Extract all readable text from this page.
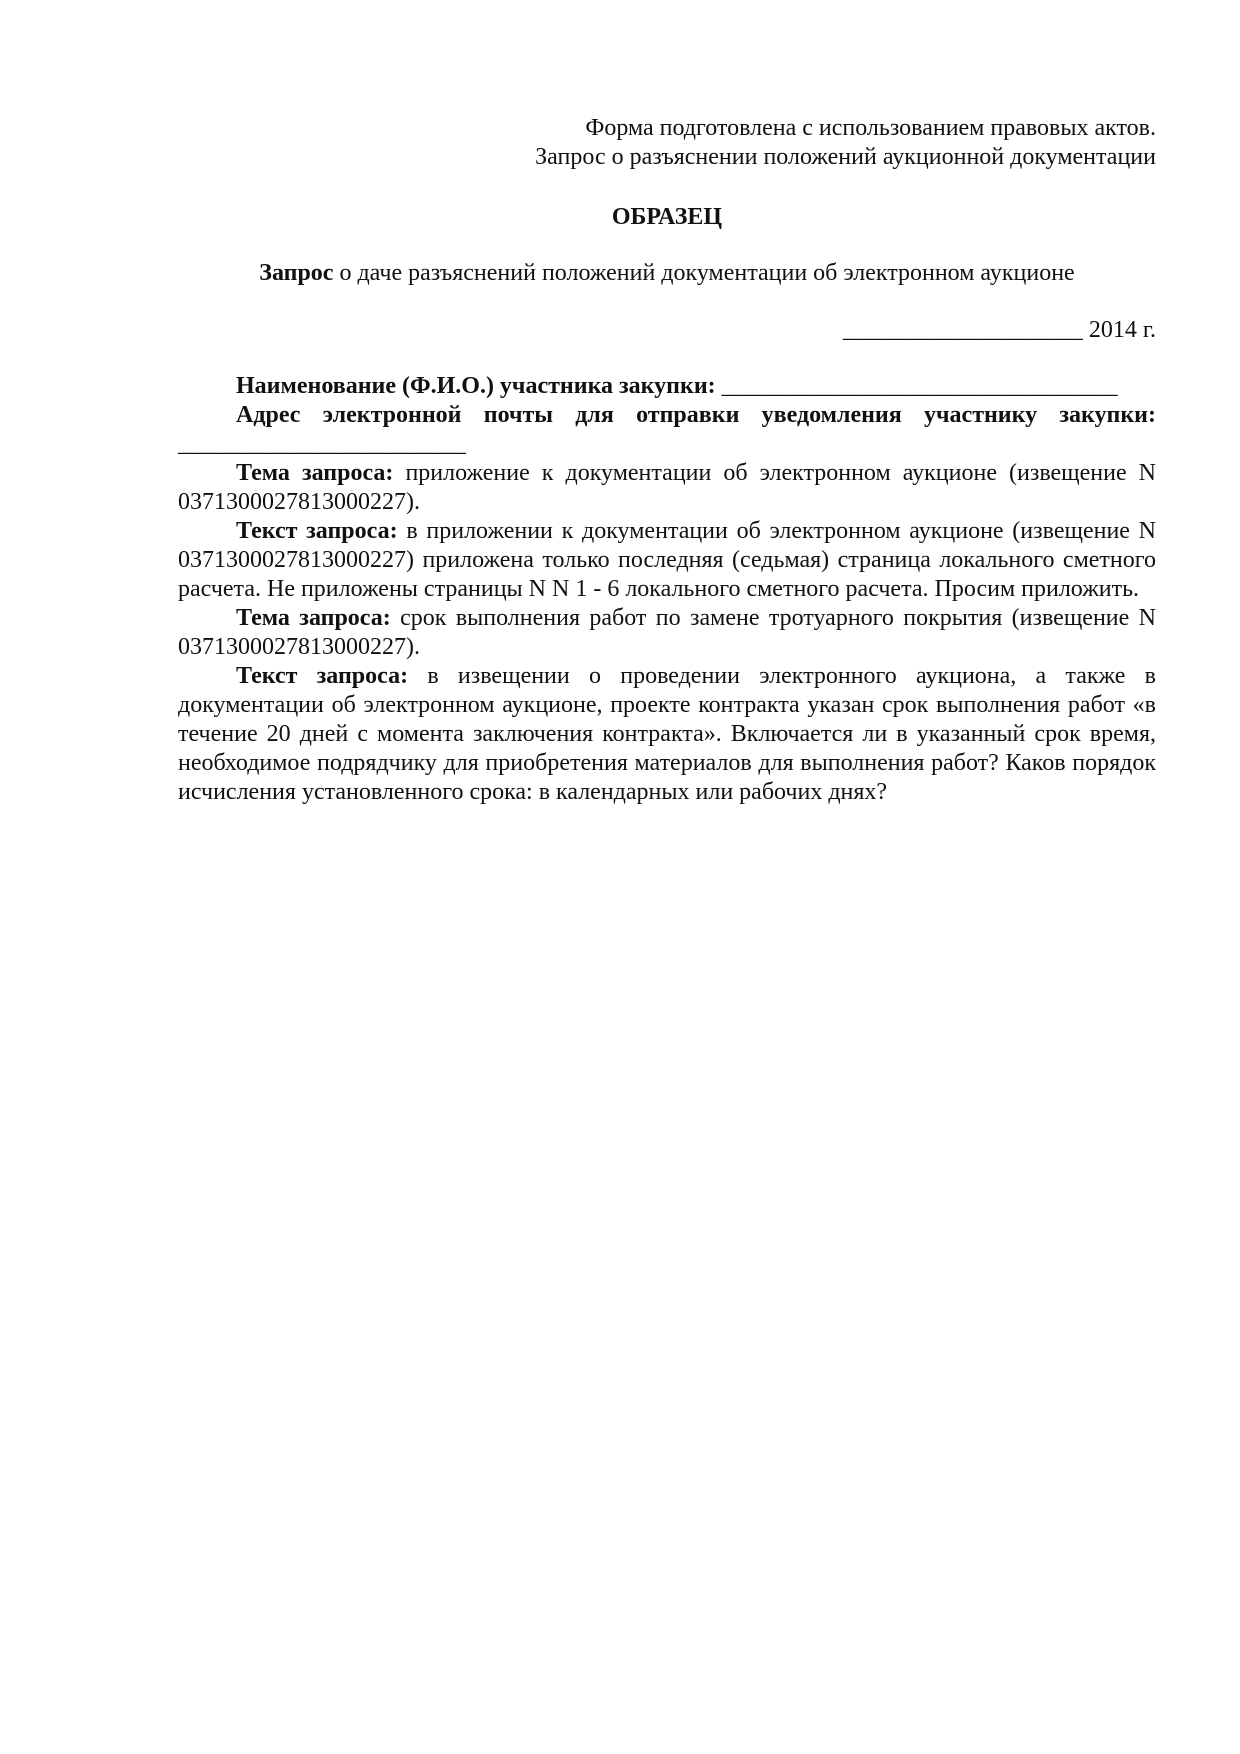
Форма подготовлена с использованием правовых актов.
Запрос о разъяснении положений аукционной документации
ОБРАЗЕЦ
Запрос о даче разъяснений положений документации об электронном аукционе
____________________ 2014 г.
Наименование (Ф.И.О.) участника закупки: _________________________________
Адрес электронной почты для отправки уведомления участнику закупки:
________________________
Тема запроса: приложение к документации об электронном аукционе (извещение N 0371300027813000227).
Текст запроса: в приложении к документации об электронном аукционе (извещение N 0371300027813000227) приложена только последняя (седьмая) страница локального сметного расчета. Не приложены страницы N N 1 - 6 локального сметного расчета. Просим приложить.
Тема запроса: срок выполнения работ по замене тротуарного покрытия (извещение N 0371300027813000227).
Текст запроса: в извещении о проведении электронного аукциона, а также в документации об электронном аукционе, проекте контракта указан срок выполнения работ «в течение 20 дней с момента заключения контракта». Включается ли в указанный срок время, необходимое подрядчику для приобретения материалов для выполнения работ? Каков порядок исчисления установленного срока: в календарных или рабочих днях?
